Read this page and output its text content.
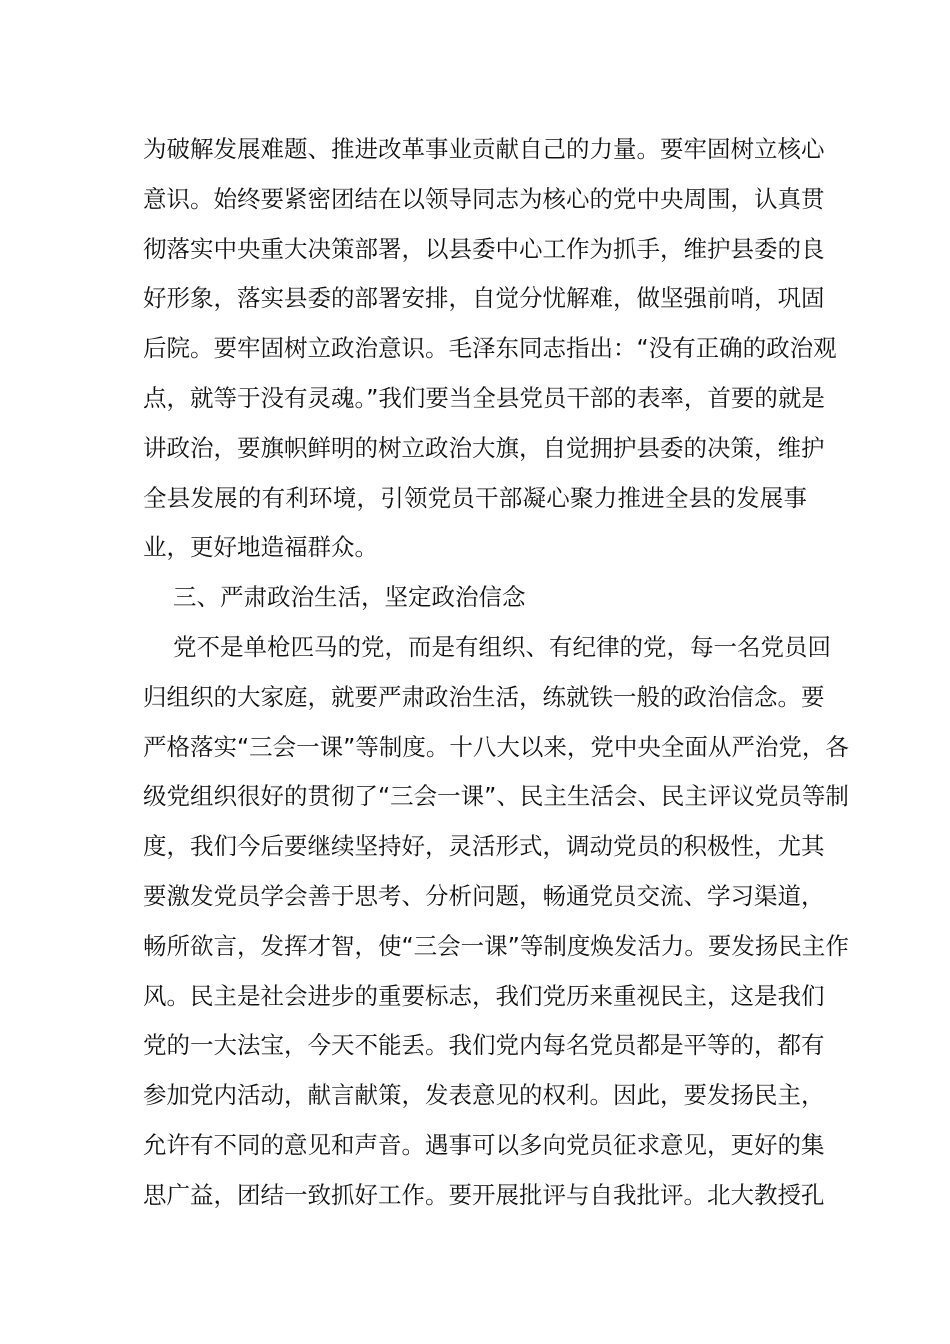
为破解发展难题、推进改革事业贡献自己的力量。要牢固树立核心
意识。始终要紧密团结在以领导同志为核心的党中央周围，认真贯
彻落实中央重大决策部署，以县委中心工作为抓手，维护县委的良
好形象，落实县委的部署安排，自觉分忧解难，做坚强前哨，巩固
后院。要牢固树立政治意识。毛泽东同志指出：“没有正确的政治观
点，就等于没有灵魂。”我们要当全县党员干部的表率，首要的就是
讲政治，要旗帜鲜明的树立政治大旗，自觉拥护县委的决策，维护
全县发展的有利环境，引领党员干部凝心聚力推进全县的发展事
业，更好地造福群众。
三、严肃政治生活，坚定政治信念
党不是单枪匹马的党，而是有组织、有纪律的党，每一名党员回
归组织的大家庭，就要严肃政治生活，练就铁一般的政治信念。要
严格落实“三会一课”等制度。十八大以来，党中央全面从严治党，各
级党组织很好的贯彻了“三会一课”、民主生活会、民主评议党员等制
度，我们今后要继续坚持好，灵活形式，调动党员的积极性，尤其
要激发党员学会善于思考、分析问题，畅通党员交流、学习渠道，
畅所欲言，发挥才智，使“三会一课”等制度焕发活力。要发扬民主作
风。民主是社会进步的重要标志，我们党历来重视民主，这是我们
党的一大法宝，今天不能丢。我们党内每名党员都是平等的，都有
参加党内活动，献言献策，发表意见的权利。因此，要发扬民主，
允许有不同的意见和声音。遇事可以多向党员征求意见，更好的集
思广益，团结一致抓好工作。要开展批评与自我批评。北大教授孔
